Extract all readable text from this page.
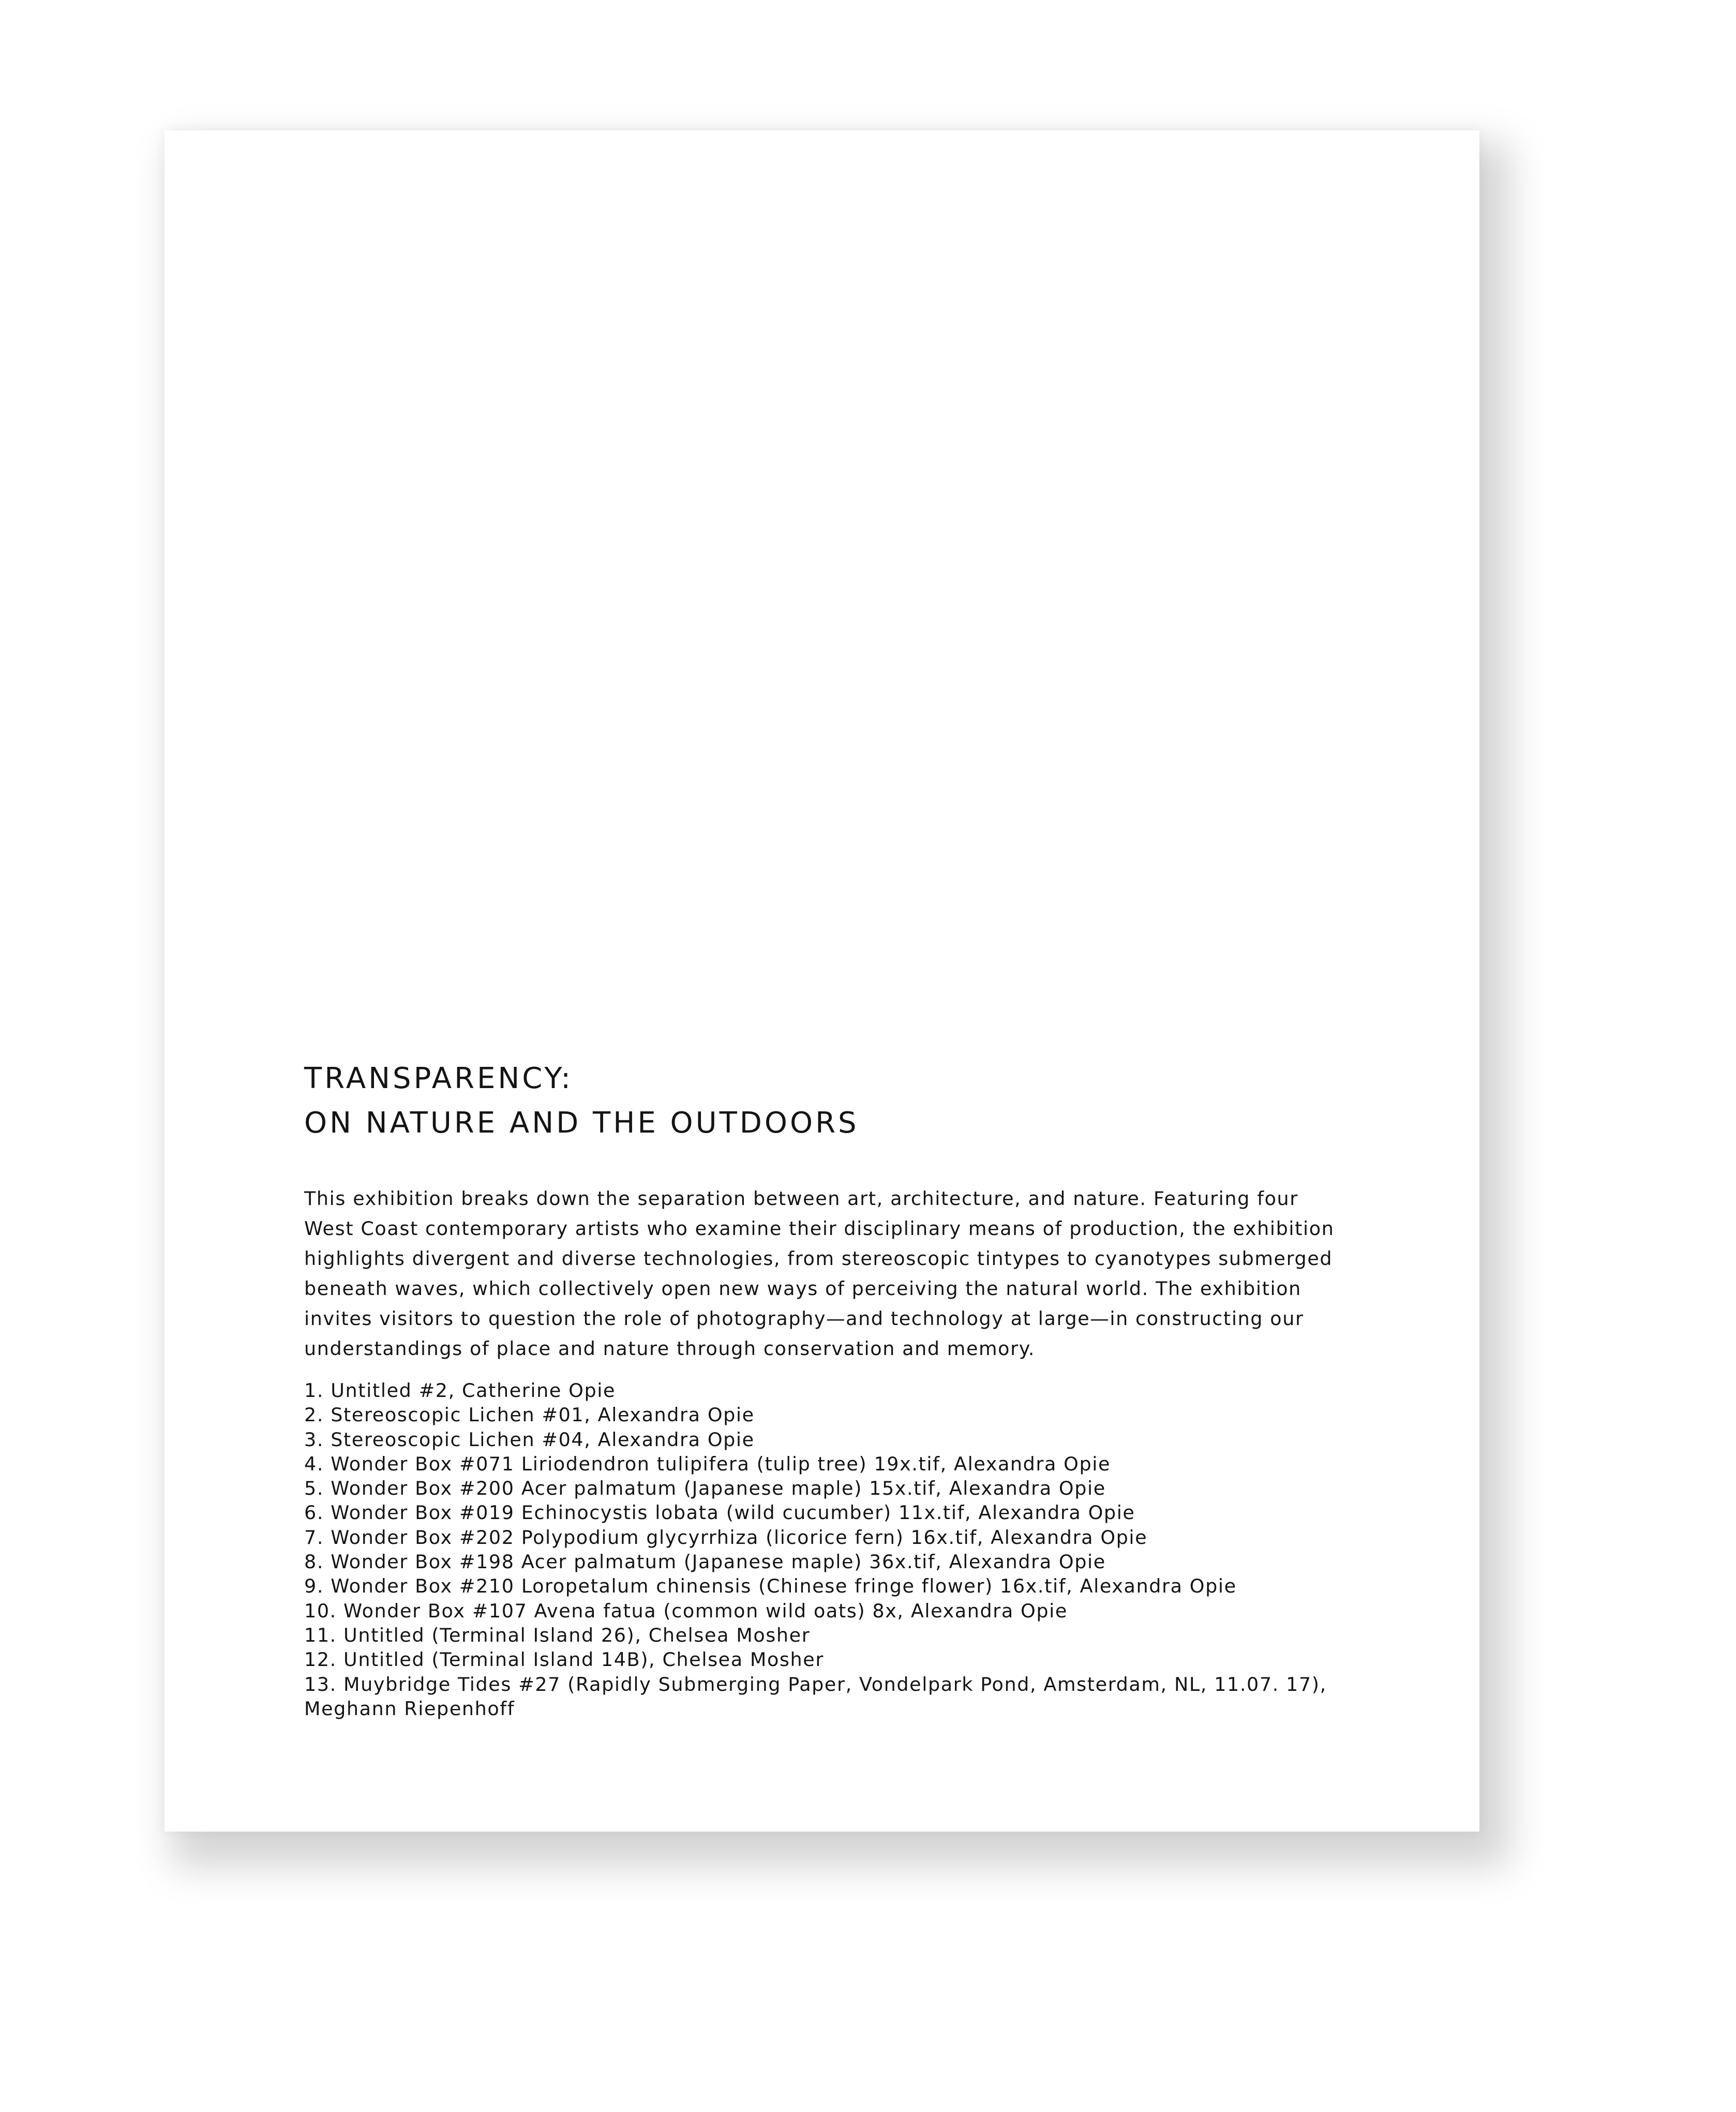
TRANSPARENCY:
ON NATURE AND THE OUTDOORS

This exhibition breaks down the separation between art, architecture, and nature. Featuring four West Coast contemporary artists who examine their disciplinary means of production, the exhibition highlights divergent and diverse technologies, from stereoscopic tintypes to cyanotypes submerged beneath waves, which collectively open new ways of perceiving the natural world. The exhibition invites visitors to question the role of photography—and technology at large—in constructing our understandings of place and nature through conservation and memory.

1. Untitled #2, Catherine Opie
2. Stereoscopic Lichen #01, Alexandra Opie
3. Stereoscopic Lichen #04, Alexandra Opie
4. Wonder Box #071 Liriodendron tulipifera (tulip tree) 19x.tif, Alexandra Opie
5. Wonder Box #200 Acer palmatum (Japanese maple) 15x.tif, Alexandra Opie
6. Wonder Box #019 Echinocystis lobata (wild cucumber) 11x.tif, Alexandra Opie
7. Wonder Box #202 Polypodium glycyrrhiza (licorice fern) 16x.tif, Alexandra Opie
8. Wonder Box #198 Acer palmatum (Japanese maple) 36x.tif, Alexandra Opie
9. Wonder Box #210 Loropetalum chinensis (Chinese fringe flower) 16x.tif, Alexandra Opie
10. Wonder Box #107 Avena fatua (common wild oats) 8x, Alexandra Opie
11. Untitled (Terminal Island 26), Chelsea Mosher
12. Untitled (Terminal Island 14B), Chelsea Mosher
13. Muybridge Tides #27 (Rapidly Submerging Paper, Vondelpark Pond, Amsterdam, NL, 11.07. 17), Meghann Riepenhoff
